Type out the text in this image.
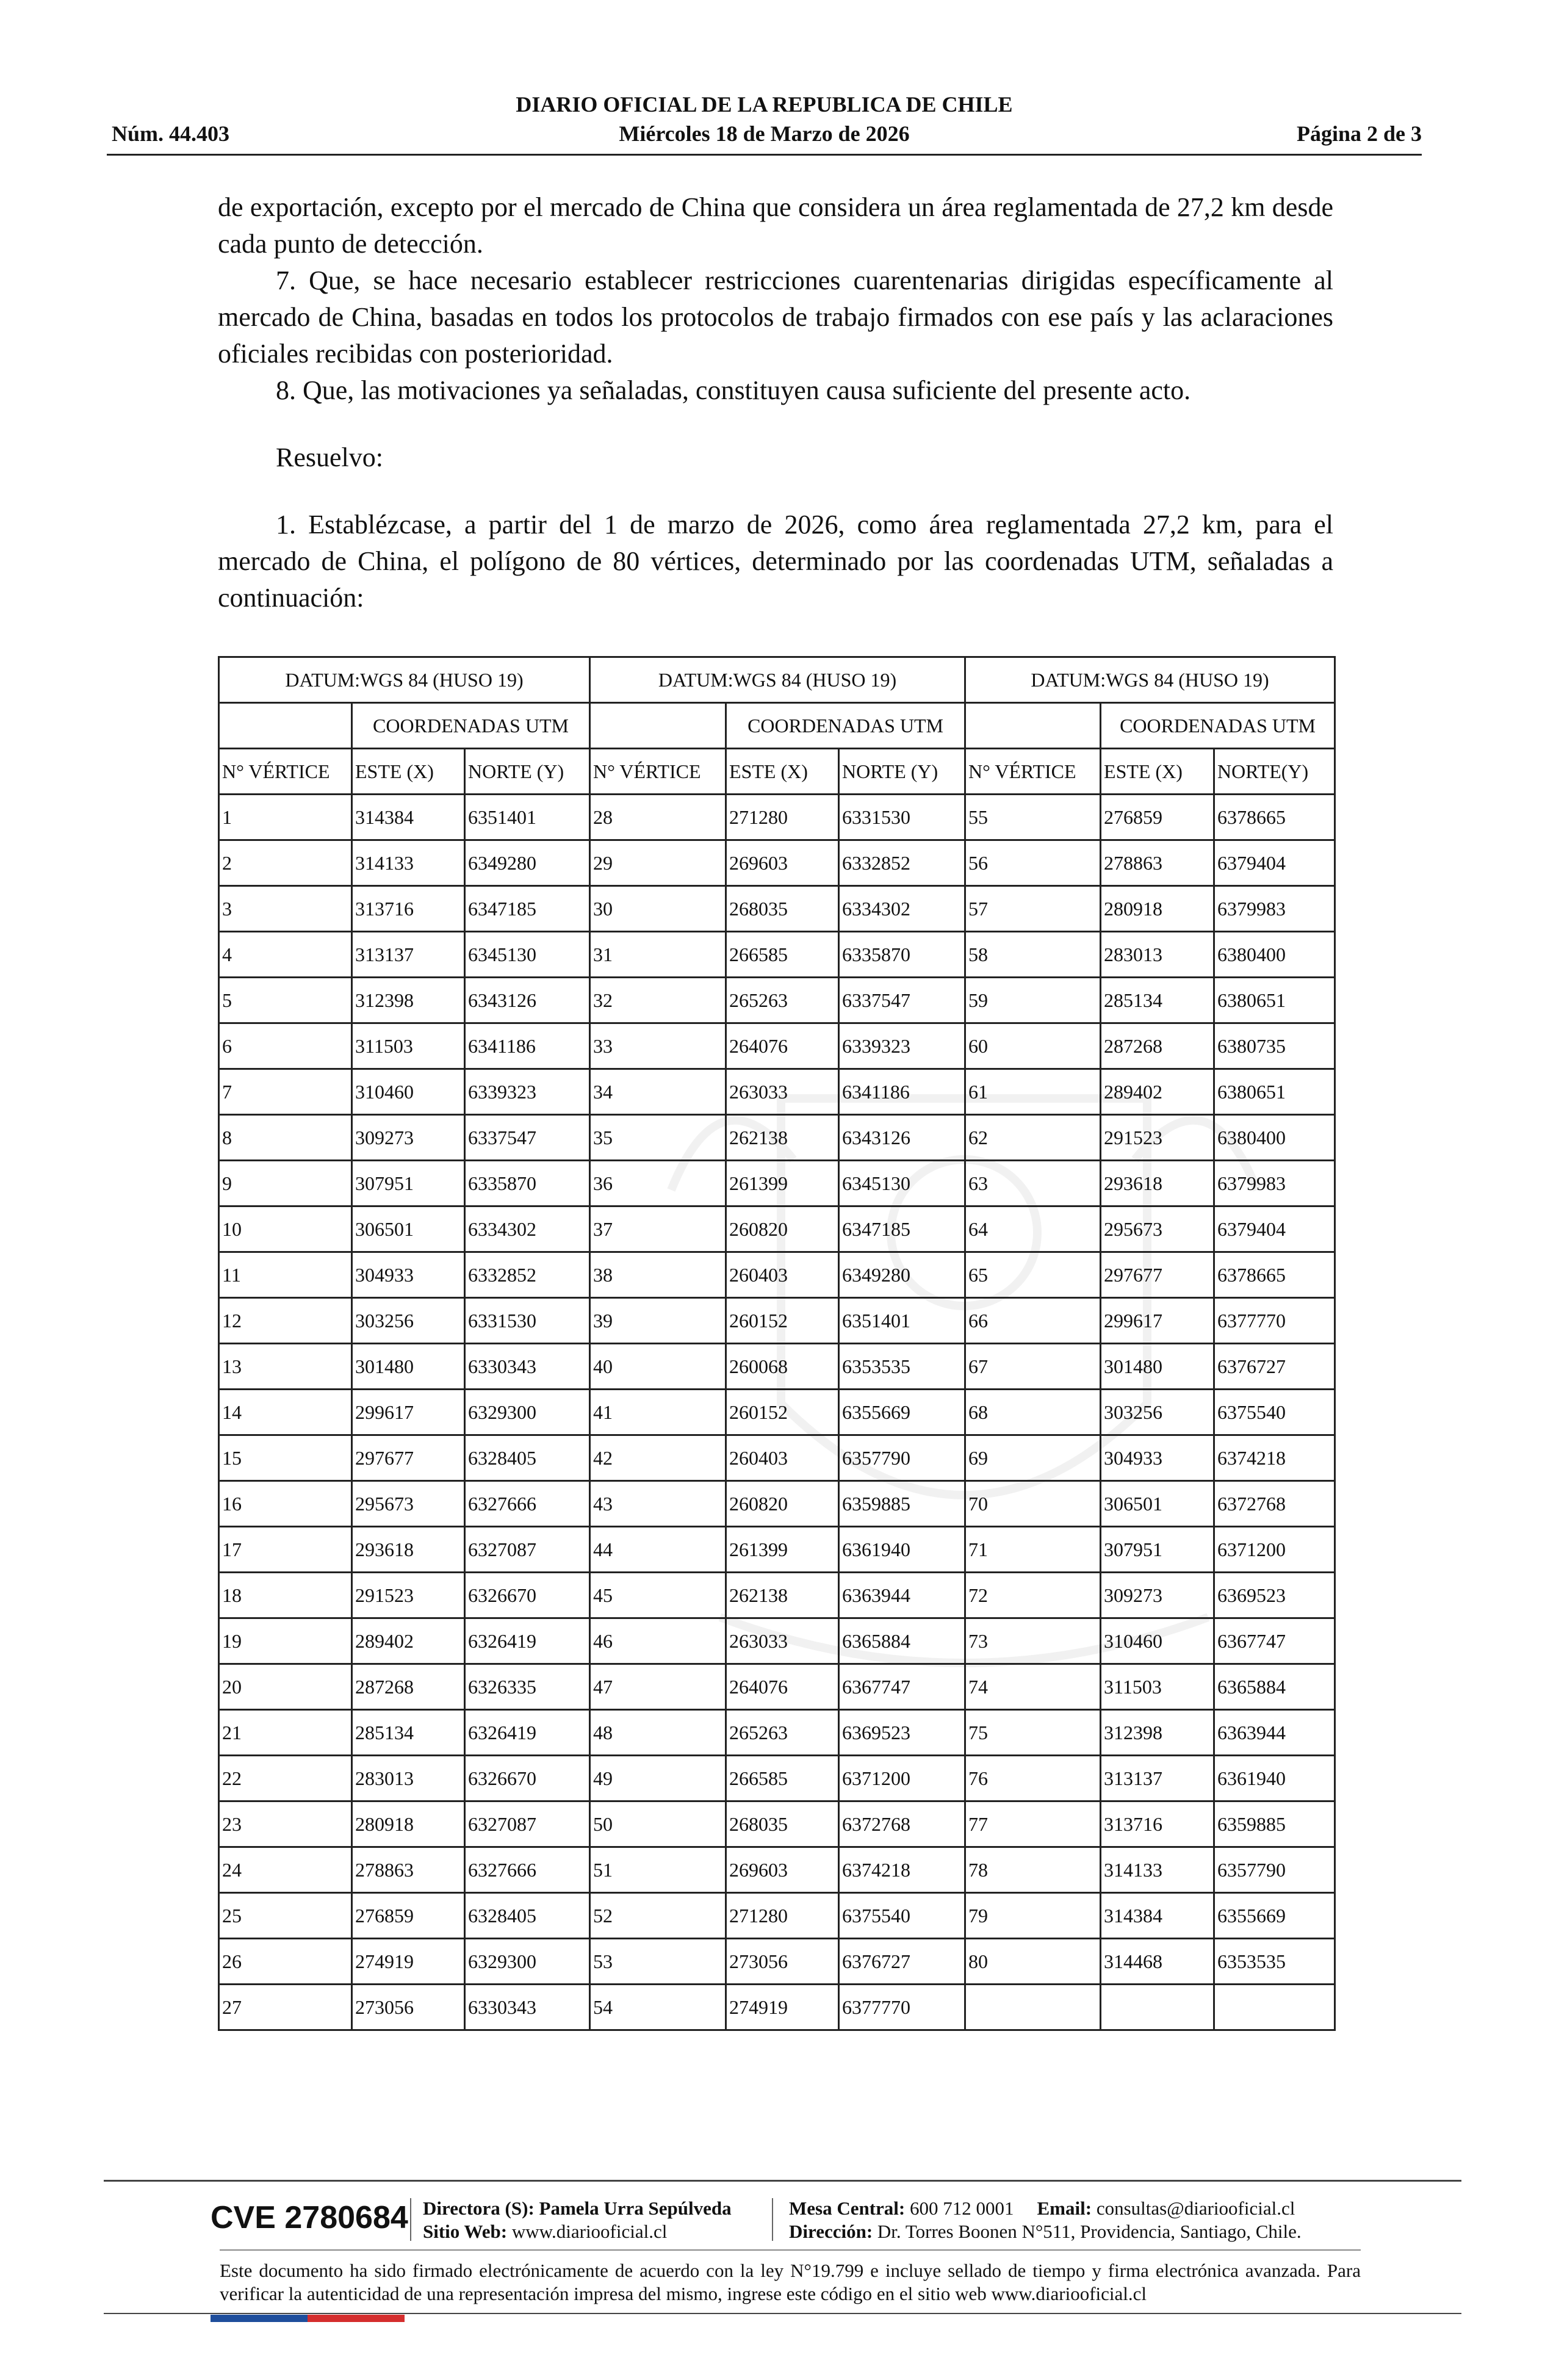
DIARIO OFICIAL DE LA REPUBLICA DE CHILE
Núm. 44.403	Miércoles 18 de Marzo de 2026	Página 2 de 3

de exportación, excepto por el mercado de China que considera un área reglamentada de 27,2 km desde cada punto de detección.

7. Que, se hace necesario establecer restricciones cuarentenarias dirigidas específicamente al mercado de China, basadas en todos los protocolos de trabajo firmados con ese país y las aclaraciones oficiales recibidas con posterioridad.

8. Que, las motivaciones ya señaladas, constituyen causa suficiente del presente acto.

Resuelvo:

1. Establézcase, a partir del 1 de marzo de 2026, como área reglamentada 27,2 km, para el mercado de China, el polígono de 80 vértices, determinado por las coordenadas UTM, señaladas a continuación:

DATUM:WGS 84 (HUSO 19)			DATUM:WGS 84 (HUSO 19)			DATUM:WGS 84 (HUSO 19)		
	COORDENADAS UTM			COORDENADAS UTM			COORDENADAS UTM	
N° VÉRTICE	ESTE (X)	NORTE (Y)	N° VÉRTICE	ESTE (X)	NORTE (Y)	N° VÉRTICE	ESTE (X)	NORTE(Y)
1	314384	6351401	28	271280	6331530	55	276859	6378665
2	314133	6349280	29	269603	6332852	56	278863	6379404
3	313716	6347185	30	268035	6334302	57	280918	6379983
4	313137	6345130	31	266585	6335870	58	283013	6380400
5	312398	6343126	32	265263	6337547	59	285134	6380651
6	311503	6341186	33	264076	6339323	60	287268	6380735
7	310460	6339323	34	263033	6341186	61	289402	6380651
8	309273	6337547	35	262138	6343126	62	291523	6380400
9	307951	6335870	36	261399	6345130	63	293618	6379983
10	306501	6334302	37	260820	6347185	64	295673	6379404
11	304933	6332852	38	260403	6349280	65	297677	6378665
12	303256	6331530	39	260152	6351401	66	299617	6377770
13	301480	6330343	40	260068	6353535	67	301480	6376727
14	299617	6329300	41	260152	6355669	68	303256	6375540
15	297677	6328405	42	260403	6357790	69	304933	6374218
16	295673	6327666	43	260820	6359885	70	306501	6372768
17	293618	6327087	44	261399	6361940	71	307951	6371200
18	291523	6326670	45	262138	6363944	72	309273	6369523
19	289402	6326419	46	263033	6365884	73	310460	6367747
20	287268	6326335	47	264076	6367747	74	311503	6365884
21	285134	6326419	48	265263	6369523	75	312398	6363944
22	283013	6326670	49	266585	6371200	76	313137	6361940
23	280918	6327087	50	268035	6372768	77	313716	6359885
24	278863	6327666	51	269603	6374218	78	314133	6357790
25	276859	6328405	52	271280	6375540	79	314384	6355669
26	274919	6329300	53	273056	6376727	80	314468	6353535
27	273056	6330343	54	274919	6377770			
CVE 2780684 Directora (S): Pamela Urra Sepúlveda
Sitio Web: www.diariooficial.cl
Mesa Central: 600 712 0001 Email: consultas@diariooficial.cl
Dirección: Dr. Torres Boonen N°511, Providencia, Santiago, Chile.
Este documento ha sido firmado electrónicamente de acuerdo con la ley N°19.799 e incluye sellado de tiempo y firma electrónica avanzada. Para verificar la autenticidad de una representación impresa del mismo, ingrese este código en el sitio web www.diariooficial.cl
